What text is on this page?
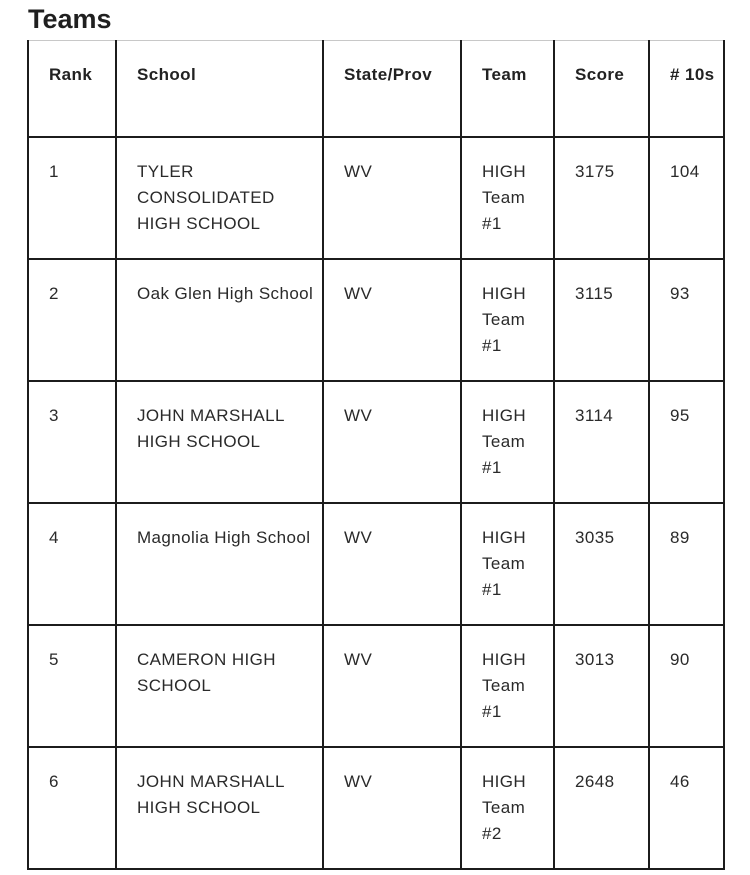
Teams
Rank	School	State/Prov	Team	Score	# 10s
1	TYLER CONSOLIDATED HIGH SCHOOL	WV	HIGH Team #1	3175	104
2	Oak Glen High School	WV	HIGH Team #1	3115	93
3	JOHN MARSHALL HIGH SCHOOL	WV	HIGH Team #1	3114	95
4	Magnolia High School	WV	HIGH Team #1	3035	89
5	CAMERON HIGH SCHOOL	WV	HIGH Team #1	3013	90
6	JOHN MARSHALL HIGH SCHOOL	WV	HIGH Team #2	2648	46
